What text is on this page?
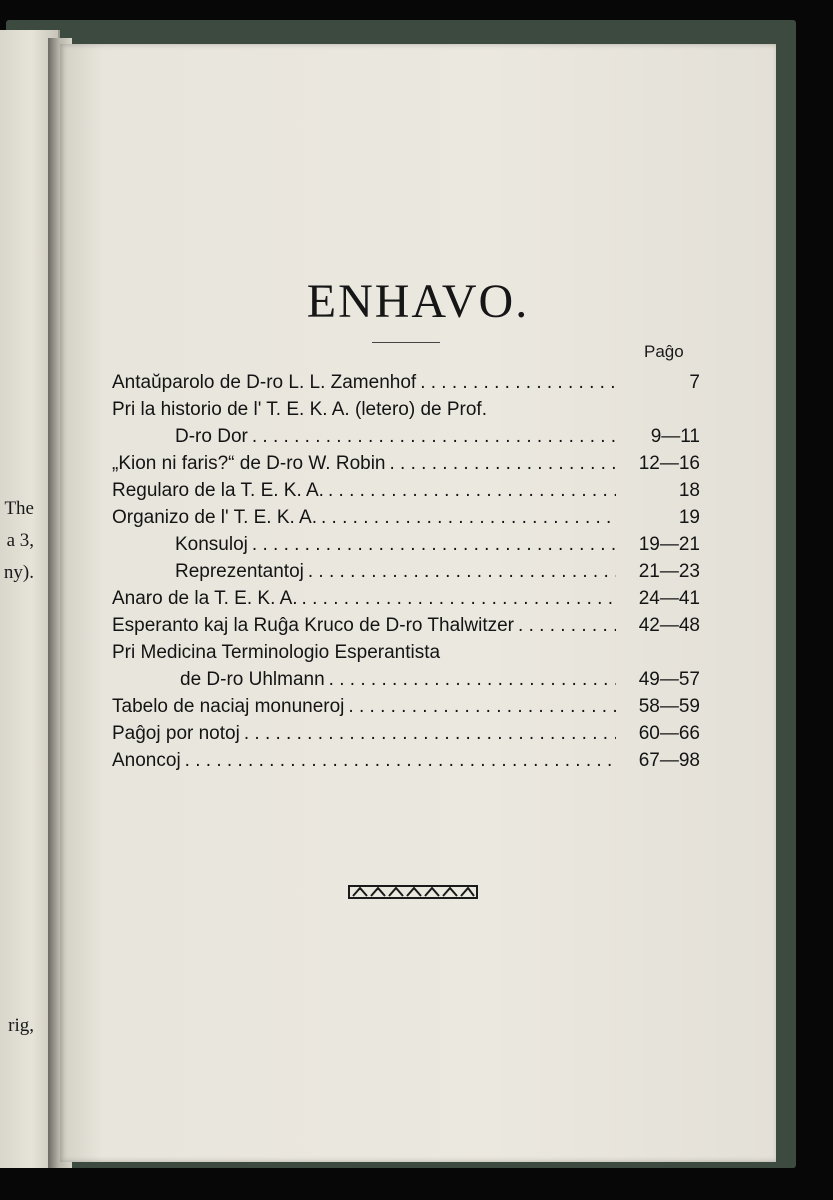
The
a 3,
ny).
rig,
ENHAVO.
Paĝo
Antaŭparolo de D-ro L. L. Zamenhof . . .	7
Pri la historio de l' T. E. K. A. (letero) de Prof.
D-ro Dor . . .	9—11
„Kion ni faris?“ de D-ro W. Robin . . .	12—16
Regularo de la T. E. K. A. . . .	18
Organizo de l' T. E. K. A. . . .	19
Konsuloj . . .	19—21
Reprezentantoj . . .	21—23
Anaro de la T. E. K. A. . . .	24—41
Esperanto kaj la Ruĝa Kruco de D-ro Thalwitzer . . .	42—48
Pri Medicina Terminologio Esperantista
de D-ro Uhlmann . . .	49—57
Tabelo de naciaj monuneroj . . .	58—59
Paĝoj por notoj . . .	60—66
Anoncoj . . .	67—98
